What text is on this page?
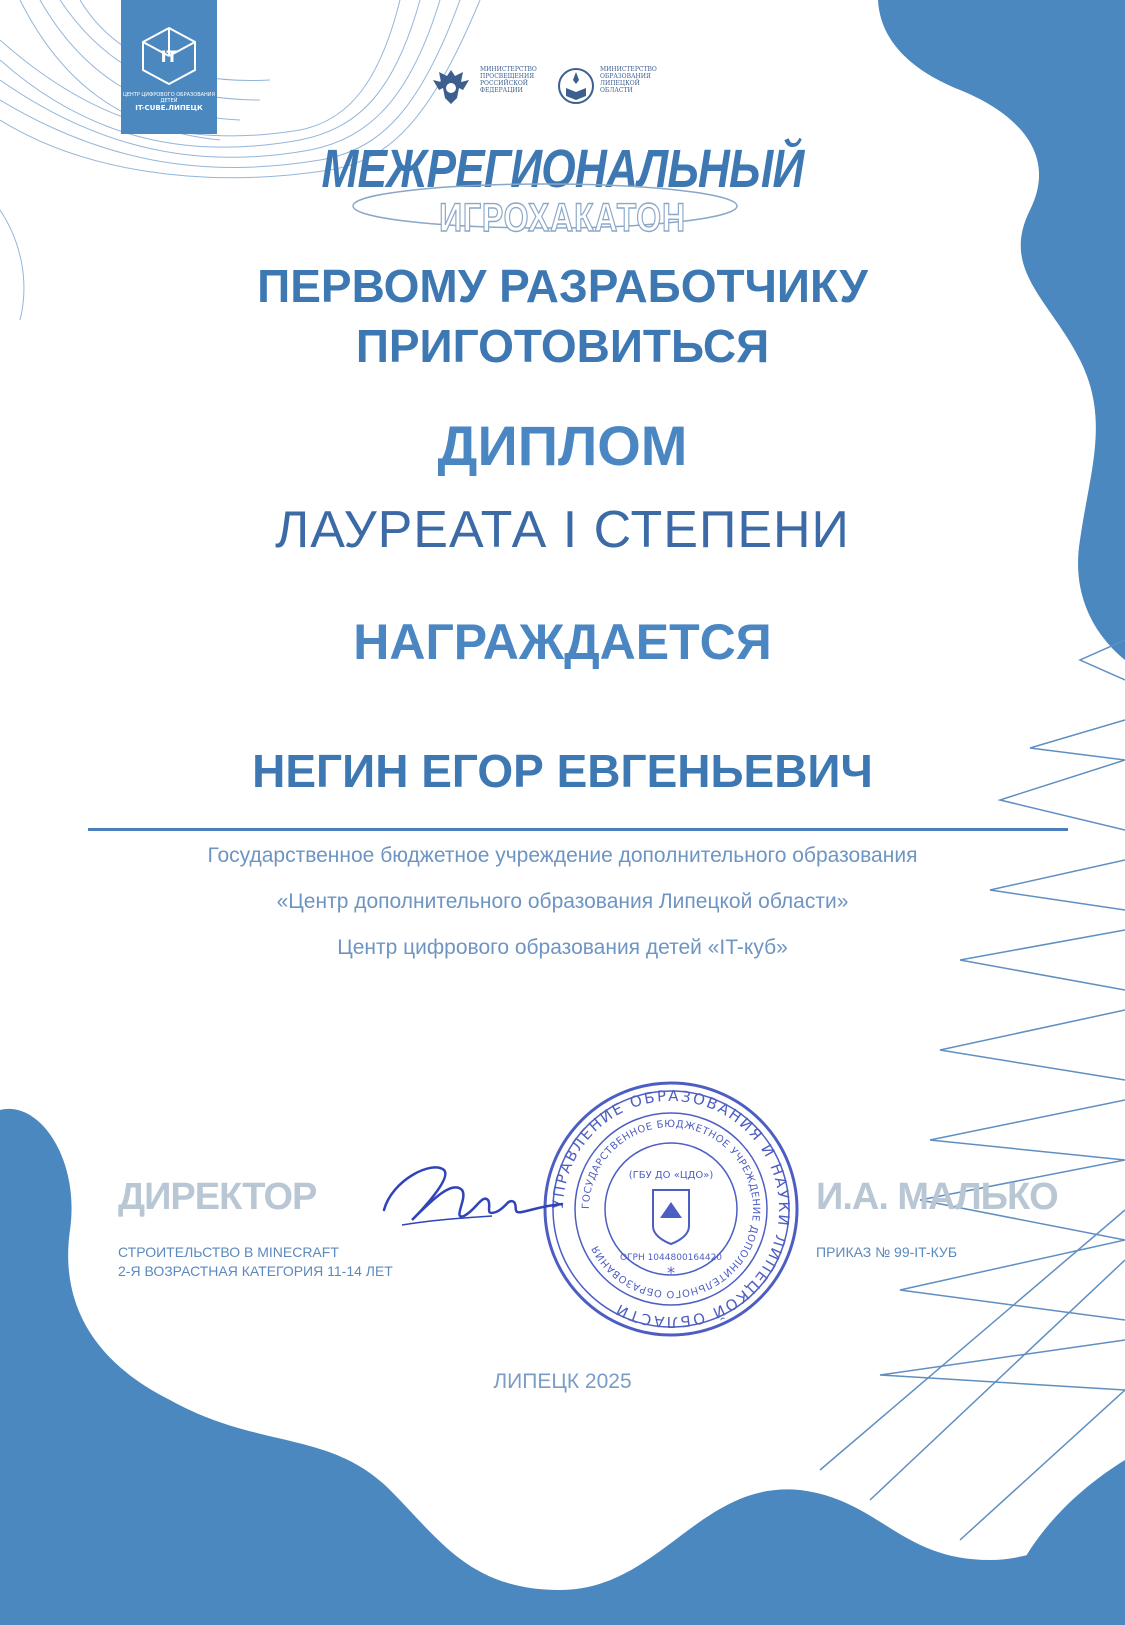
IT
ЦЕНТР ЦИФРОВОГО ОБРАЗОВАНИЯ ДЕТЕЙ
IT-CUBE.ЛИПЕЦК
МИНИСТЕРСТВО ПРОСВЕЩЕНИЯ РОССИЙСКОЙ ФЕДЕРАЦИИ
МИНИСТЕРСТВО ОБРАЗОВАНИЯ ЛИПЕЦКОЙ ОБЛАСТИ
МЕЖРЕГИОНАЛЬНЫЙ
ИГРОХАКАТОН
ПЕРВОМУ РАЗРАБОТЧИКУ
ПРИГОТОВИТЬСЯ
ДИПЛОМ
ЛАУРЕАТА I СТЕПЕНИ
НАГРАЖДАЕТСЯ
НЕГИН ЕГОР ЕВГЕНЬЕВИЧ
Государственное бюджетное учреждение дополнительного образования
«Центр дополнительного образования Липецкой области»
Центр цифрового образования детей «IT-куб»
ДИРЕКТОР
СТРОИТЕЛЬСТВО В MINECRAFT
2-Я ВОЗРАСТНАЯ КАТЕГОРИЯ 11-14 ЛЕТ
И.А. МАЛЬКО
ПРИКАЗ № 99-IT-КУБ
УПРАВЛЕНИЕ ОБРАЗОВАНИЯ И НАУКИ ЛИПЕЦКОЙ ОБЛАСТИ
ГОСУДАРСТВЕННОЕ БЮДЖЕТНОЕ УЧРЕЖДЕНИЕ ДОПОЛНИТЕЛЬНОГО ОБРАЗОВАНИЯ
(ГБУ ДО «ЦДО»)
ОГРН 1044800164420
*
ЛИПЕЦК 2025
